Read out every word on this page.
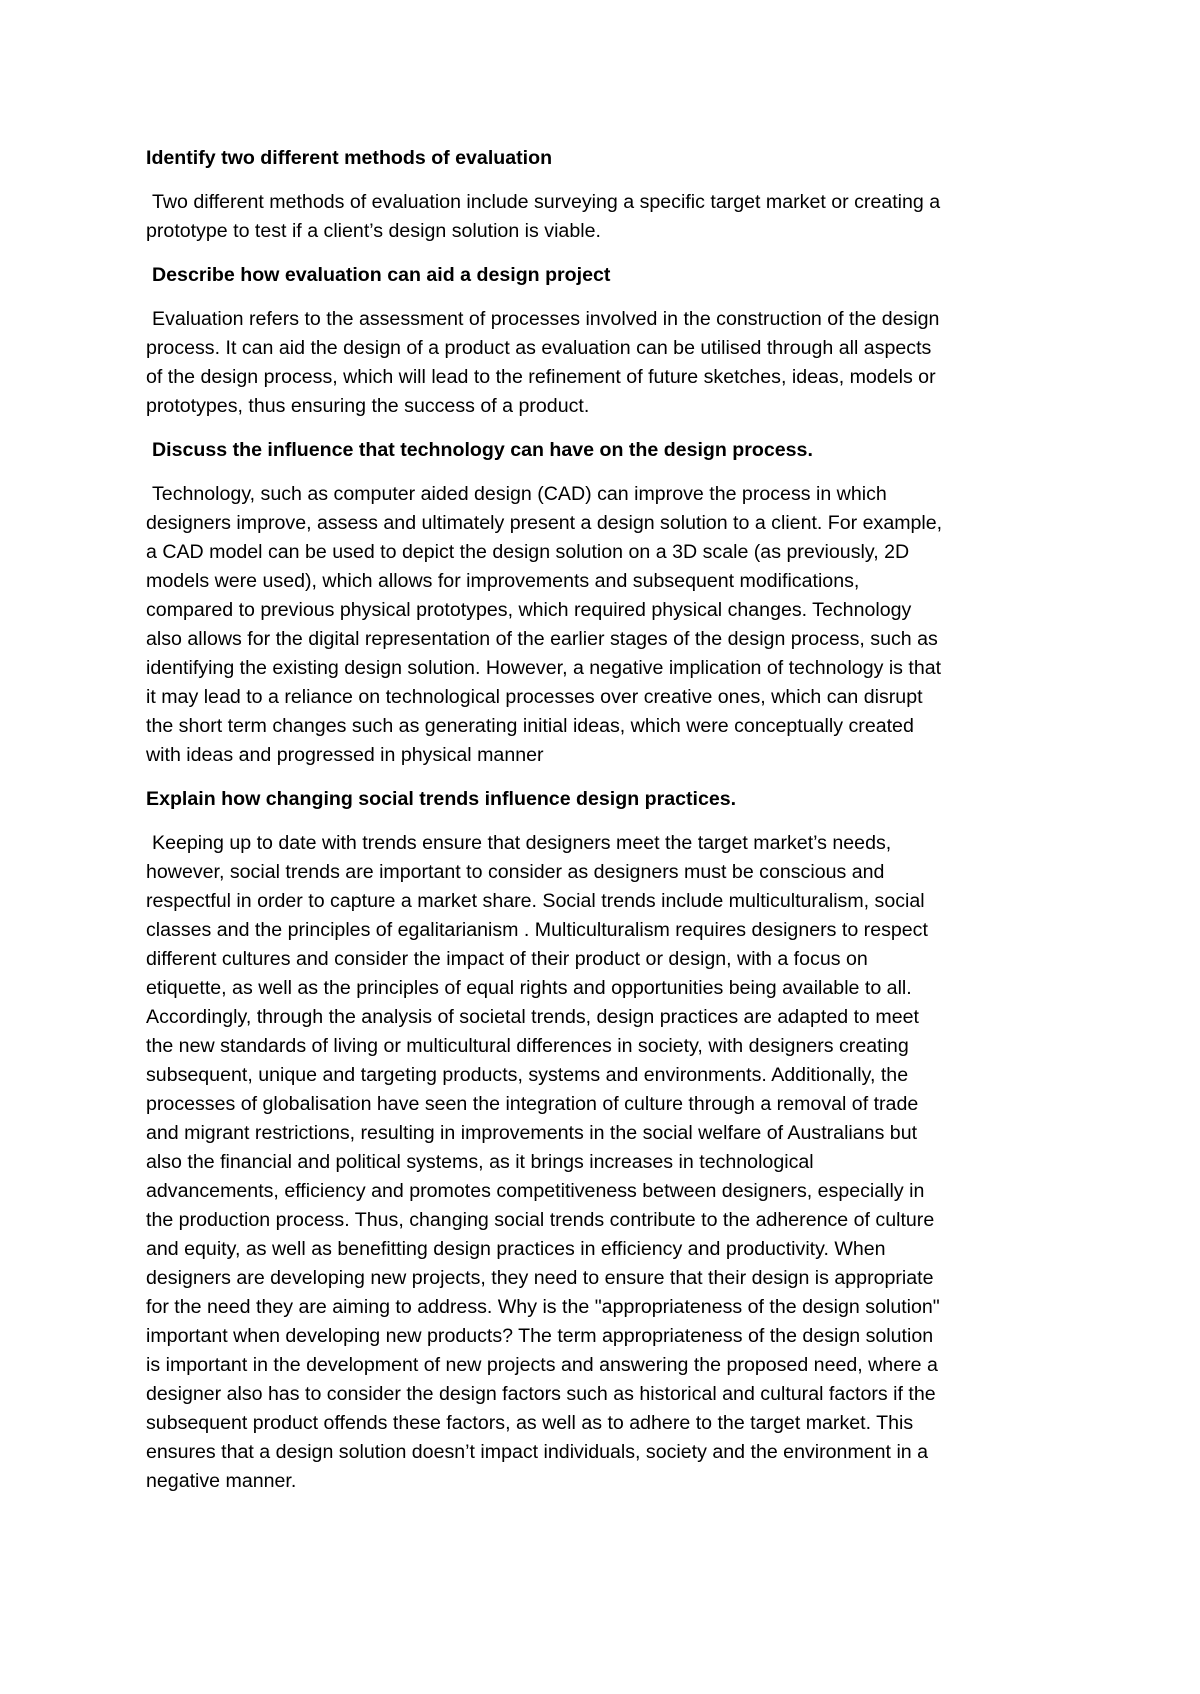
Identify two different methods of evaluation
Two different methods of evaluation include surveying a specific target market or creating a
prototype to test if a client’s design solution is viable.
Describe how evaluation can aid a design project
Evaluation refers to the assessment of processes involved in the construction of the design
process. It can aid the design of a product as evaluation can be utilised through all aspects
of the design process, which will lead to the refinement of future sketches, ideas, models or
prototypes, thus ensuring the success of a product.
Discuss the influence that technology can have on the design process.
Technology, such as computer aided design (CAD) can improve the process in which
designers improve, assess and ultimately present a design solution to a client. For example,
a CAD model can be used to depict the design solution on a 3D scale (as previously, 2D
models were used), which allows for improvements and subsequent modifications,
compared to previous physical prototypes, which required physical changes. Technology
also allows for the digital representation of the earlier stages of the design process, such as
identifying the existing design solution. However, a negative implication of technology is that
it may lead to a reliance on technological processes over creative ones, which can disrupt
the short term changes such as generating initial ideas, which were conceptually created
with ideas and progressed in physical manner
Explain how changing social trends influence design practices.
Keeping up to date with trends ensure that designers meet the target market’s needs,
however, social trends are important to consider as designers must be conscious and
respectful in order to capture a market share. Social trends include multiculturalism, social
classes and the principles of egalitarianism . Multiculturalism requires designers to respect
different cultures and consider the impact of their product or design, with a focus on
etiquette, as well as the principles of equal rights and opportunities being available to all.
Accordingly, through the analysis of societal trends, design practices are adapted to meet
the new standards of living or multicultural differences in society, with designers creating
subsequent, unique and targeting products, systems and environments. Additionally, the
processes of globalisation have seen the integration of culture through a removal of trade
and migrant restrictions, resulting in improvements in the social welfare of Australians but
also the financial and political systems, as it brings increases in technological
advancements, efficiency and promotes competitiveness between designers, especially in
the production process. Thus, changing social trends contribute to the adherence of culture
and equity, as well as benefitting design practices in efficiency and productivity. When
designers are developing new projects, they need to ensure that their design is appropriate
for the need they are aiming to address. Why is the "appropriateness of the design solution"
important when developing new products? The term appropriateness of the design solution
is important in the development of new projects and answering the proposed need, where a
designer also has to consider the design factors such as historical and cultural factors if the
subsequent product offends these factors, as well as to adhere to the target market. This
ensures that a design solution doesn’t impact individuals, society and the environment in a
negative manner.
